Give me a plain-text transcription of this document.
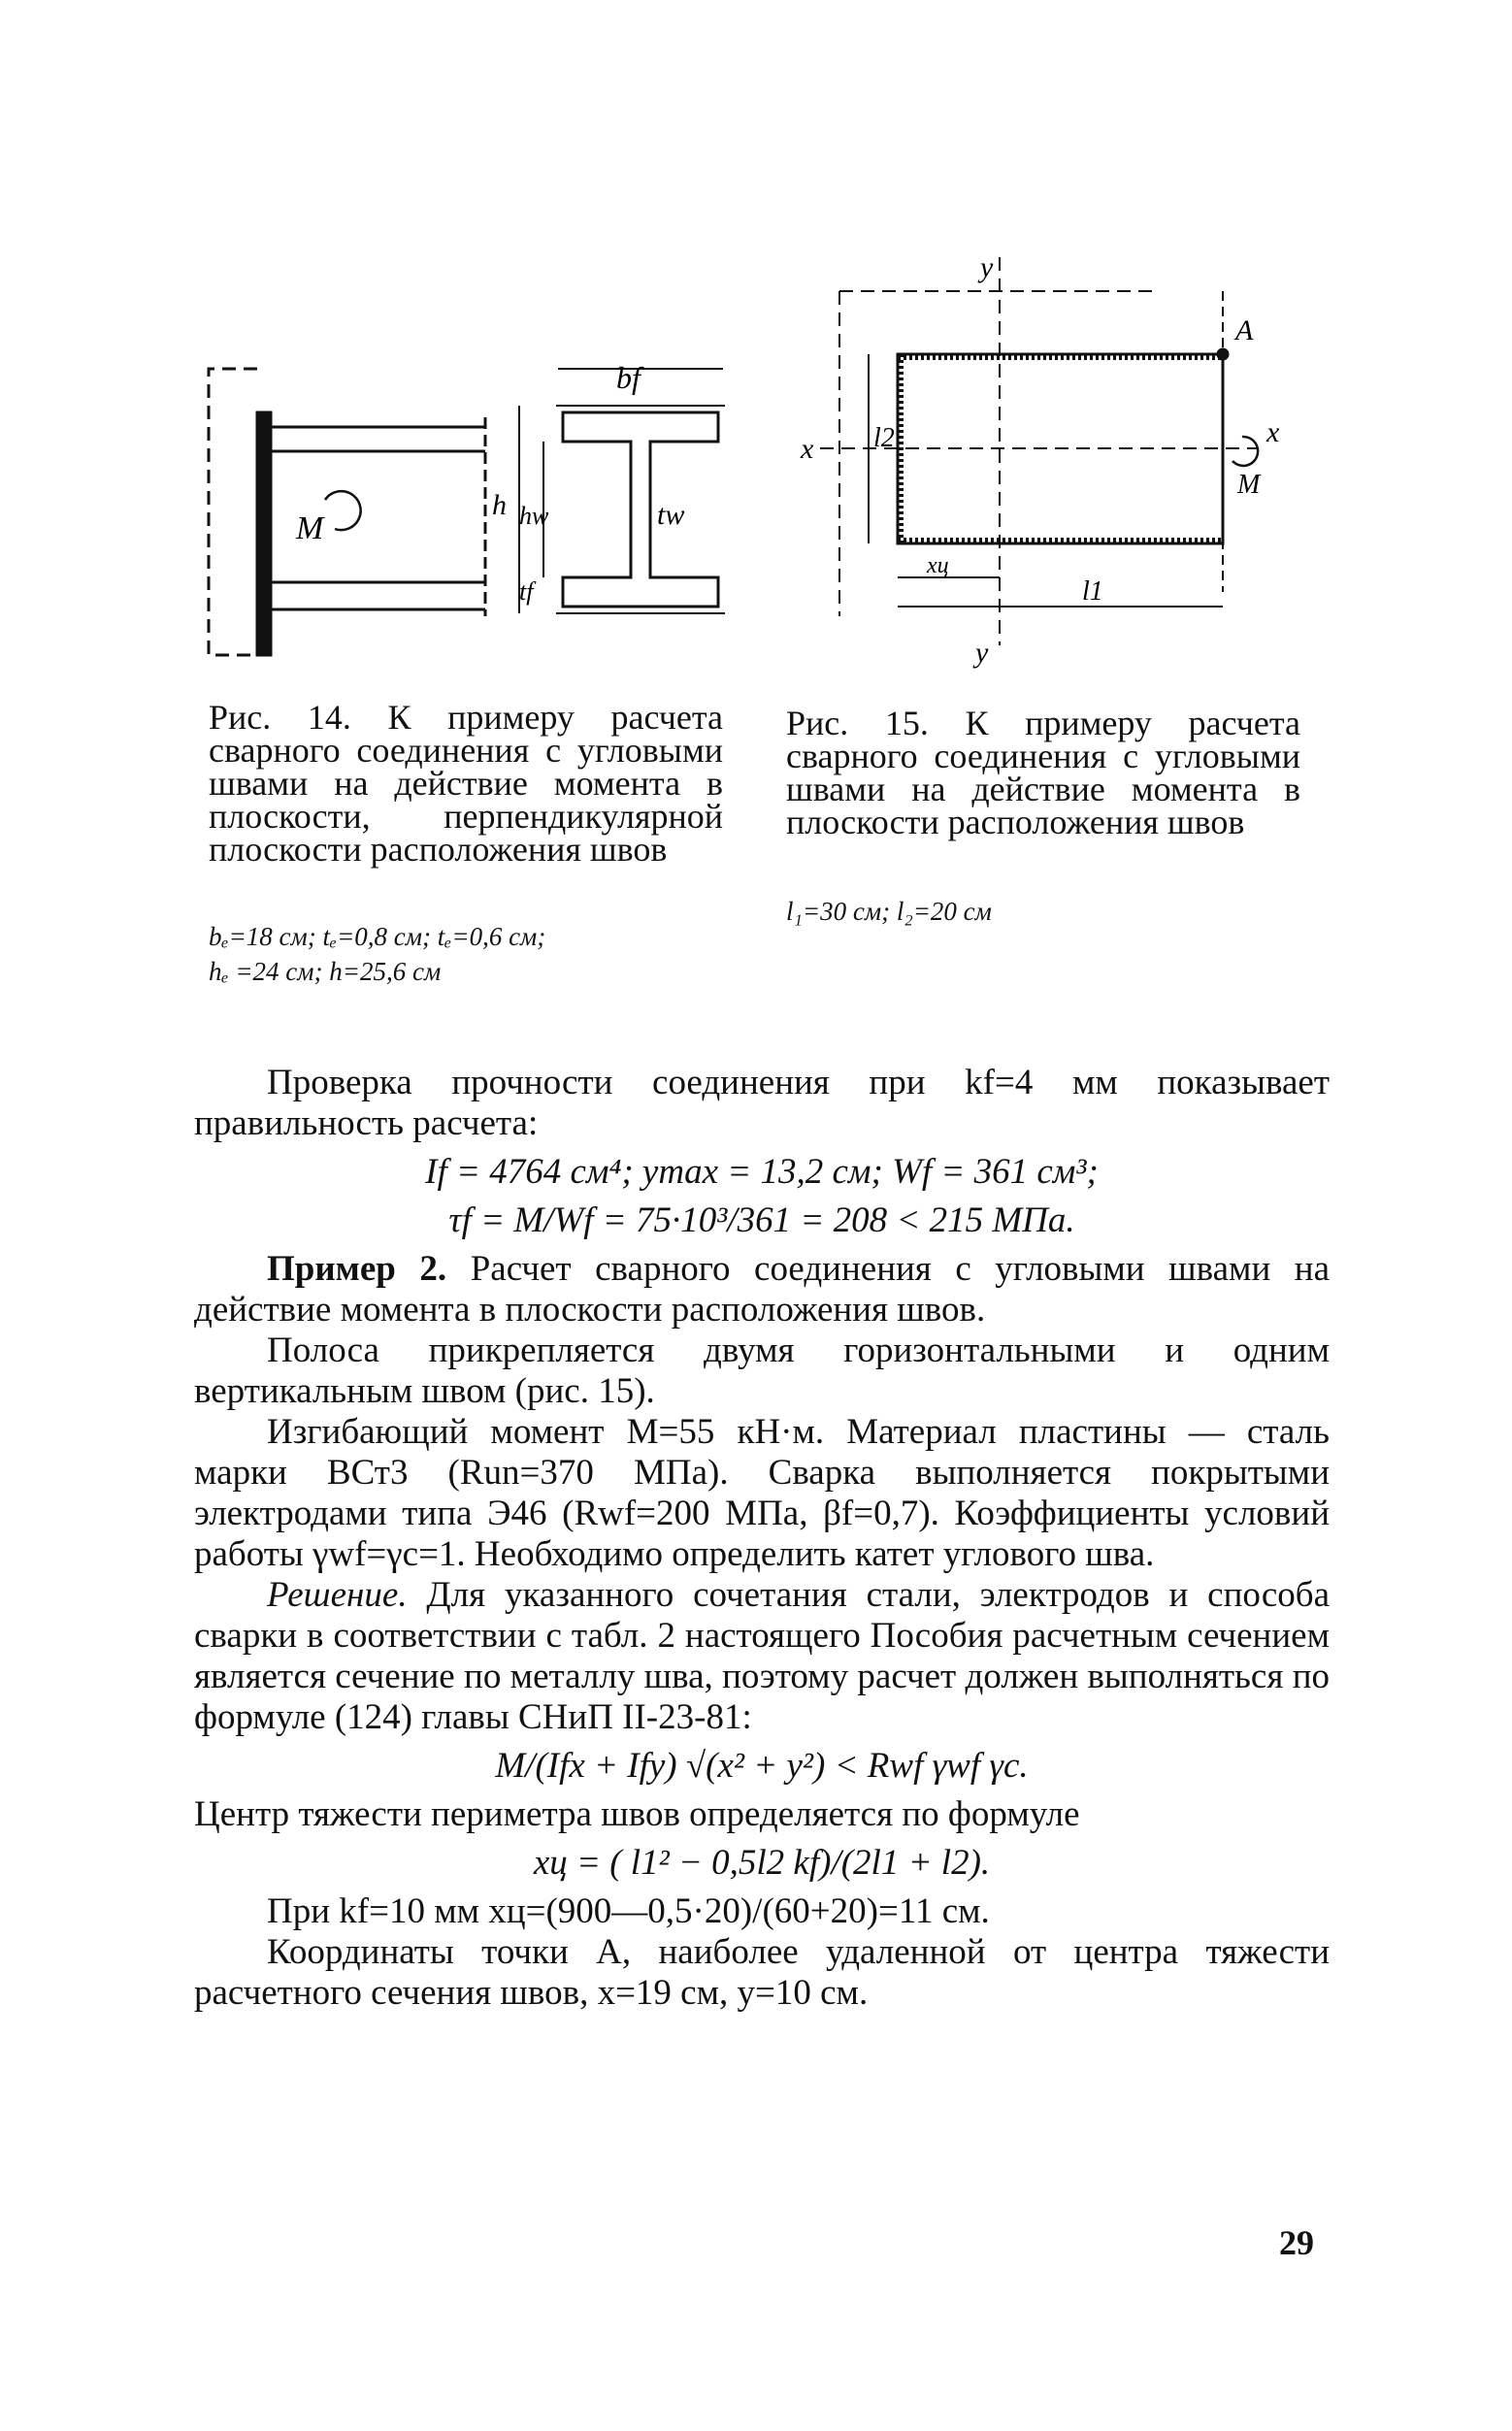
M
bf
h hw
tf
tw
Рис. 14. К примеру расчета сварного соединения с угловыми швами на действие момента в плоскости, перпендикулярной плоскости расположения швов
bₑ=18 см; tₑ=0,8 см; tₑ=0,6 см;
hₑ =24 см; h=25,6 см
y
y
x
x
A
M
l2
l1
xц
Рис. 15. К примеру расчета сварного соединения с угловыми швами на действие момента в плоскости расположения швов
l₁=30 см; l₂=20 см

Проверка прочности соединения при kf=4 мм показывает правильность расчета:

If = 4764 см⁴; ymax = 13,2 см; Wf = 361 см³;
τf = M/Wf = 75·10³/361 = 208 < 215 МПа.

Пример 2. Расчет сварного соединения с угловыми швами на действие момента в плоскости расположения швов.

Полоса прикрепляется двумя горизонтальными и одним вертикальным швом (рис. 15).

Изгибающий момент M=55 кН·м. Материал пластины — сталь марки ВСт3 (Run=370 МПа). Сварка выполняется покрытыми электродами типа Э46 (Rwf=200 МПа, βf=0,7). Коэффициенты условий работы γwf=γc=1. Необходимо определить катет углового шва.

Решение. Для указанного сочетания стали, электродов и способа сварки в соответствии с табл. 2 настоящего Пособия расчетным сечением является сечение по металлу шва, поэтому расчет должен выполняться по формуле (124) главы СНиП II-23-81:

M/(Ifx + Ify) √(x² + y²) < Rwf γwf γc.

Центр тяжести периметра швов определяется по формуле

xц = ( l1² − 0,5l2 kf)/(2l1 + l2).

При kf=10 мм xц=(900—0,5·20)/(60+20)=11 см.

Координаты точки A, наиболее удаленной от центра тяжести расчетного сечения швов, x=19 см, y=10 см.

29
